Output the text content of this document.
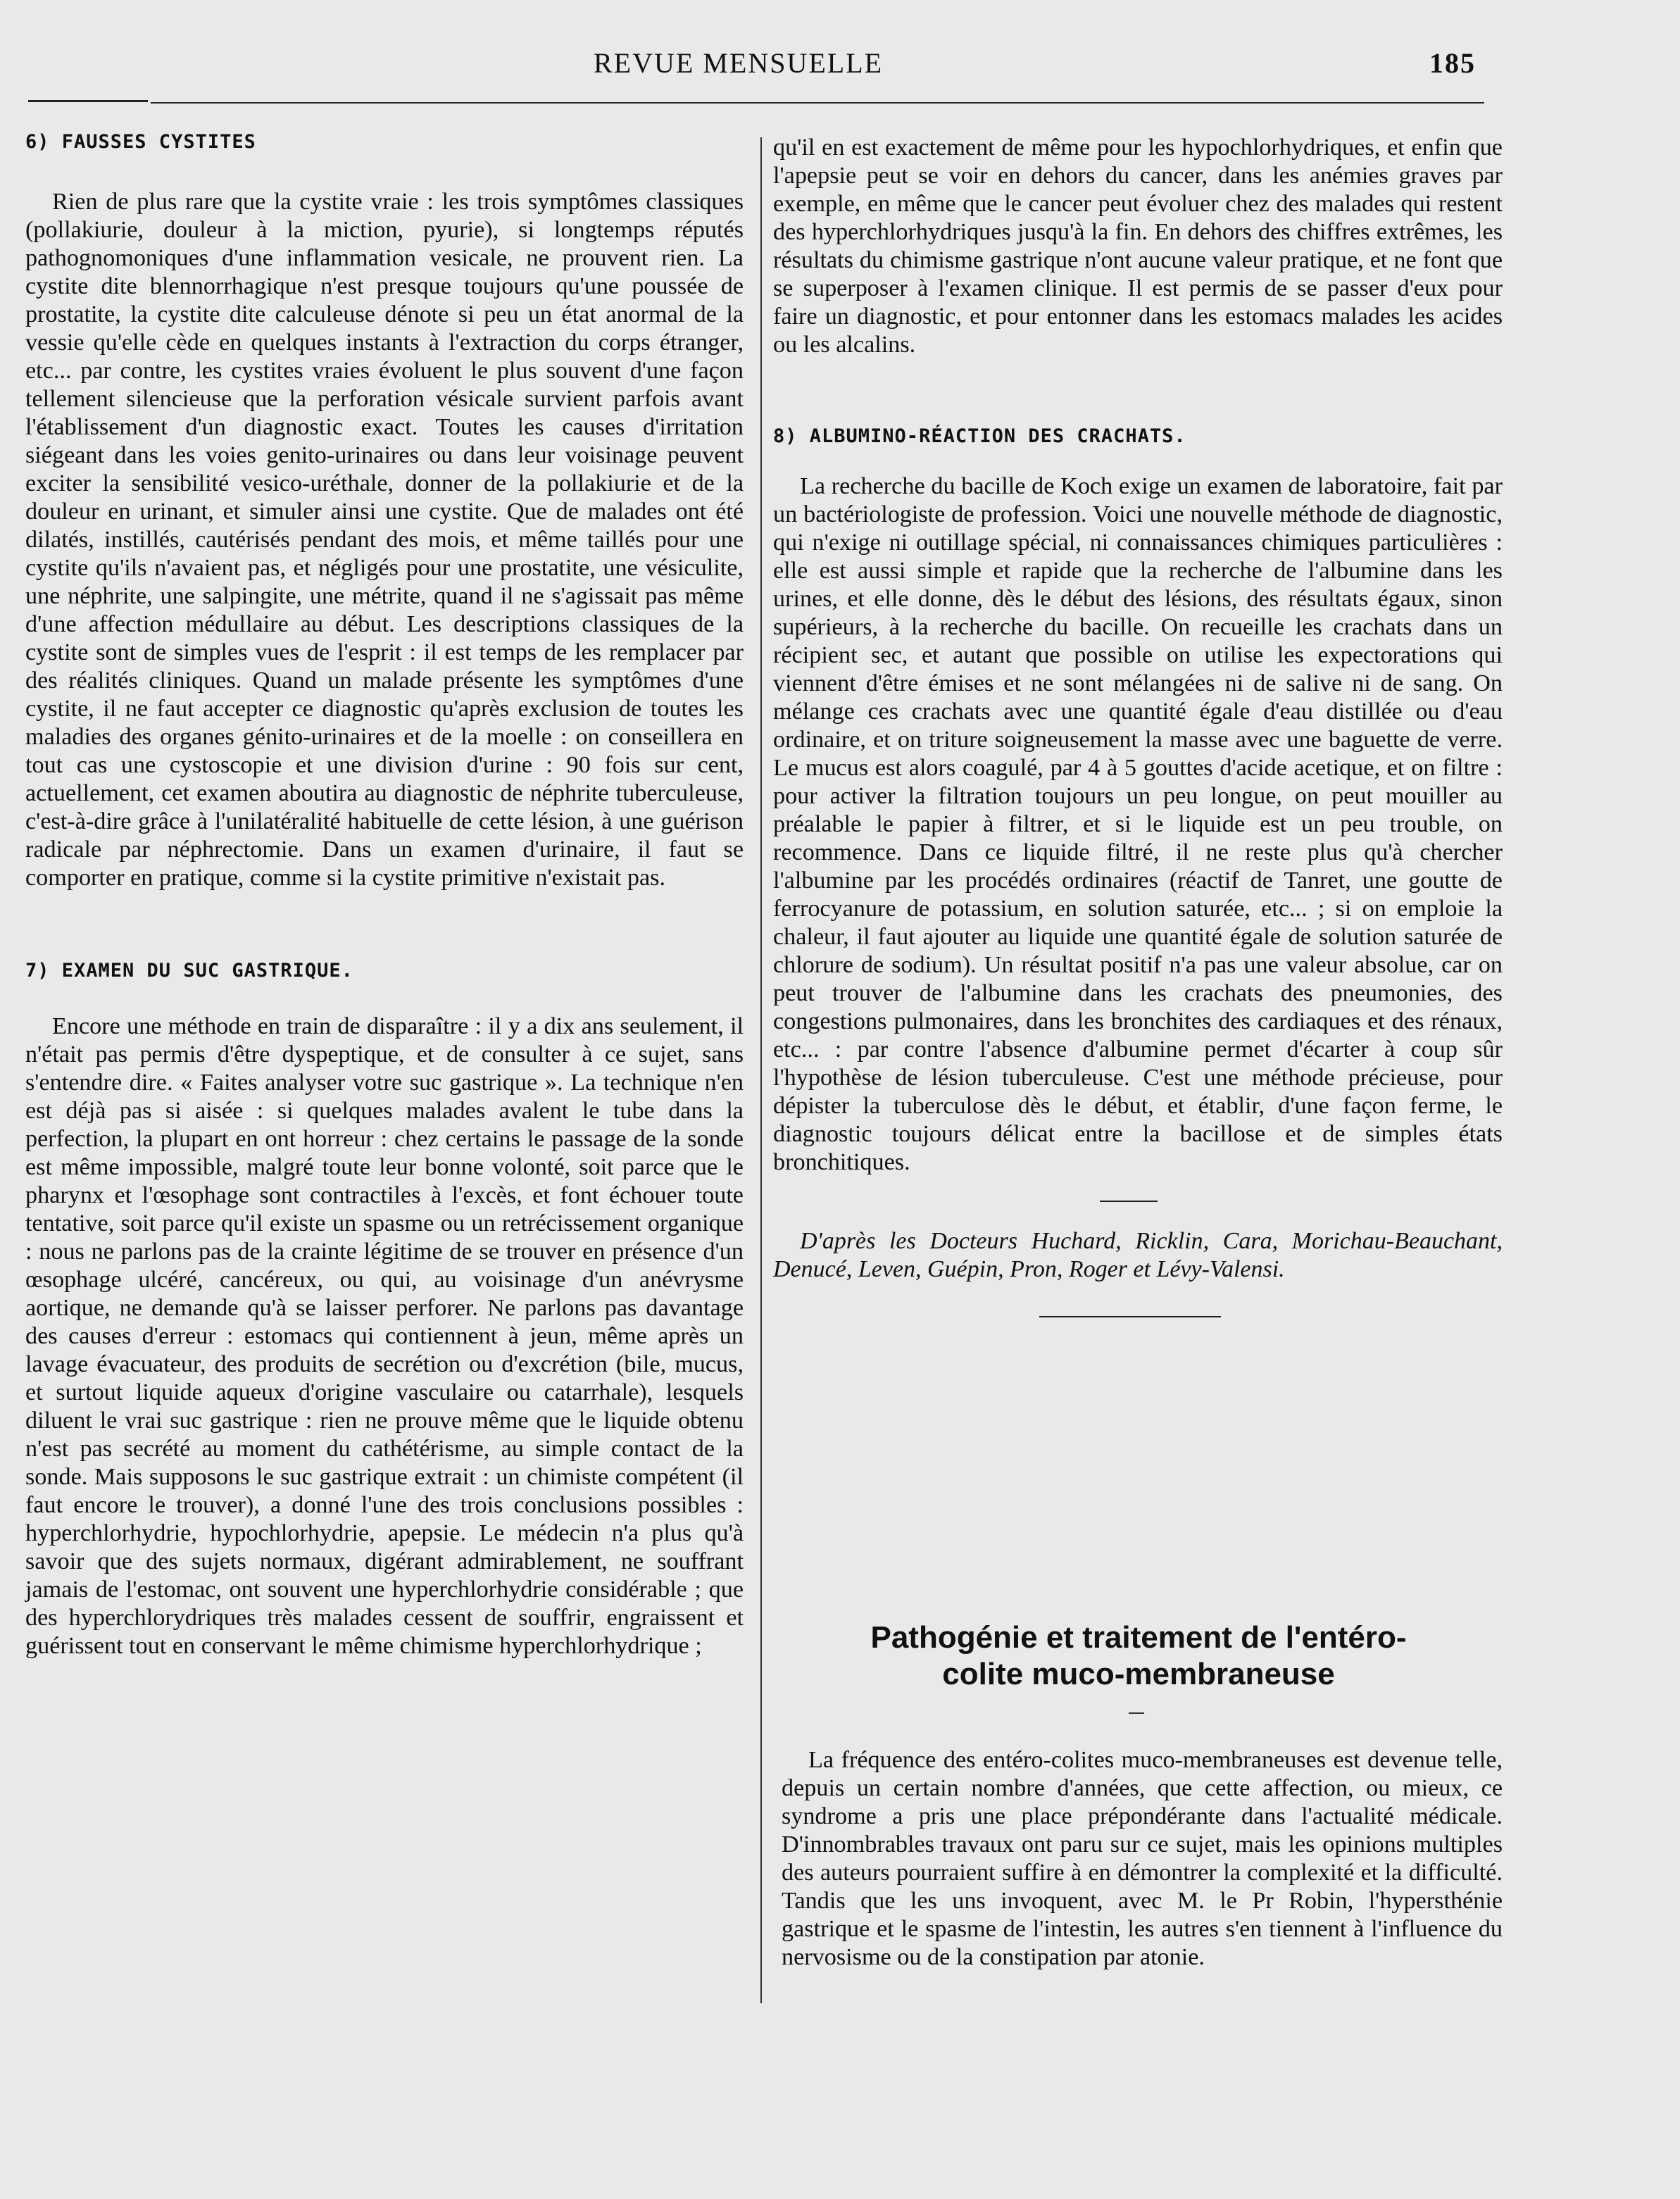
REVUE MENSUELLE	185
6) FAUSSES CYSTITES

Rien de plus rare que la cystite vraie : les trois symptômes classiques (pollakiurie, douleur à la miction, pyurie), si longtemps réputés pathognomoniques d'une inflammation vesicale, ne prouvent rien. La cystite dite blennorrhagique n'est presque toujours qu'une poussée de prostatite, la cystite dite calculeuse dénote si peu un état anormal de la vessie qu'elle cède en quelques instants à l'extraction du corps étranger, etc... par contre, les cystites vraies évoluent le plus souvent d'une façon tellement silencieuse que la perforation vésicale survient parfois avant l'établissement d'un diagnostic exact. Toutes les causes d'irritation siégeant dans les voies genito-urinaires ou dans leur voisinage peuvent exciter la sensibilité vesico-uréthale, donner de la pollakiurie et de la douleur en urinant, et simuler ainsi une cystite. Que de malades ont été dilatés, instillés, cautérisés pendant des mois, et même taillés pour une cystite qu'ils n'avaient pas, et négligés pour une prostatite, une vésiculite, une néphrite, une salpingite, une métrite, quand il ne s'agissait pas même d'une affection médullaire au début. Les descriptions classiques de la cystite sont de simples vues de l'esprit : il est temps de les remplacer par des réalités cliniques. Quand un malade présente les symptômes d'une cystite, il ne faut accepter ce diagnostic qu'après exclusion de toutes les maladies des organes génito-urinaires et de la moelle : on conseillera en tout cas une cystoscopie et une division d'urine : 90 fois sur cent, actuellement, cet examen aboutira au diagnostic de néphrite tuberculeuse, c'est-à-dire grâce à l'unilatéralité habituelle de cette lésion, à une guérison radicale par néphrectomie. Dans un examen d'urinaire, il faut se comporter en pratique, comme si la cystite primitive n'existait pas.

7) EXAMEN DU SUC GASTRIQUE.

Encore une méthode en train de disparaître : il y a dix ans seulement, il n'était pas permis d'être dyspeptique, et de consulter à ce sujet, sans s'entendre dire. « Faites analyser votre suc gastrique ». La technique n'en est déjà pas si aisée : si quelques malades avalent le tube dans la perfection, la plupart en ont horreur : chez certains le passage de la sonde est même impossible, malgré toute leur bonne volonté, soit parce que le pharynx et l'œsophage sont contractiles à l'excès, et font échouer toute tentative, soit parce qu'il existe un spasme ou un retrécissement organique : nous ne parlons pas de la crainte légitime de se trouver en présence d'un œsophage ulcéré, cancéreux, ou qui, au voisinage d'un anévrysme aortique, ne demande qu'à se laisser perforer. Ne parlons pas davantage des causes d'erreur : estomacs qui contiennent à jeun, même après un lavage évacuateur, des produits de secrétion ou d'excrétion (bile, mucus, et surtout liquide aqueux d'origine vasculaire ou catarrhale), lesquels diluent le vrai suc gastrique : rien ne prouve même que le liquide obtenu n'est pas secrété au moment du cathétérisme, au simple contact de la sonde. Mais supposons le suc gastrique extrait : un chimiste compétent (il faut encore le trouver), a donné l'une des trois conclusions possibles : hyperchlorhydrie, hypochlorhydrie, apepsie. Le médecin n'a plus qu'à savoir que des sujets normaux, digérant admirablement, ne souffrant jamais de l'estomac, ont souvent une hyperchlorhydrie considérable ; que des hyperchlorydriques très malades cessent de souffrir, engraissent et guérissent tout en conservant le même chimisme hyperchlorhydrique ;

qu'il en est exactement de même pour les hypochlorhydriques, et enfin que l'apepsie peut se voir en dehors du cancer, dans les anémies graves par exemple, en même que le cancer peut évoluer chez des malades qui restent des hyperchlorhydriques jusqu'à la fin. En dehors des chiffres extrêmes, les résultats du chimisme gastrique n'ont aucune valeur pratique, et ne font que se superposer à l'examen clinique. Il est permis de se passer d'eux pour faire un diagnostic, et pour entonner dans les estomacs malades les acides ou les alcalins.

8) ALBUMINO-RÉACTION DES CRACHATS.

La recherche du bacille de Koch exige un examen de laboratoire, fait par un bactériologiste de profession. Voici une nouvelle méthode de diagnostic, qui n'exige ni outillage spécial, ni connaissances chimiques particulières : elle est aussi simple et rapide que la recherche de l'albumine dans les urines, et elle donne, dès le début des lésions, des résultats égaux, sinon supérieurs, à la recherche du bacille. On recueille les crachats dans un récipient sec, et autant que possible on utilise les expectorations qui viennent d'être émises et ne sont mélangées ni de salive ni de sang. On mélange ces crachats avec une quantité égale d'eau distillée ou d'eau ordinaire, et on triture soigneusement la masse avec une baguette de verre. Le mucus est alors coagulé, par 4 à 5 gouttes d'acide acetique, et on filtre : pour activer la filtration toujours un peu longue, on peut mouiller au préalable le papier à filtrer, et si le liquide est un peu trouble, on recommence. Dans ce liquide filtré, il ne reste plus qu'à chercher l'albumine par les procédés ordinaires (réactif de Tanret, une goutte de ferrocyanure de potassium, en solution saturée, etc... ; si on emploie la chaleur, il faut ajouter au liquide une quantité égale de solution saturée de chlorure de sodium). Un résultat positif n'a pas une valeur absolue, car on peut trouver de l'albumine dans les crachats des pneumonies, des congestions pulmonaires, dans les bronchites des cardiaques et des rénaux, etc... : par contre l'absence d'albumine permet d'écarter à coup sûr l'hypothèse de lésion tuberculeuse. C'est une méthode précieuse, pour dépister la tuberculose dès le début, et établir, d'une façon ferme, le diagnostic toujours délicat entre la bacillose et de simples états bronchitiques.

D'après les Docteurs Huchard, Ricklin, Cara, Morichau-Beauchant, Denucé, Leven, Guépin, Pron, Roger et Lévy-Valensi.

Pathogénie et traitement de l'entéro-
colite muco-membraneuse

La fréquence des entéro-colites muco-membraneuses est devenue telle, depuis un certain nombre d'années, que cette affection, ou mieux, ce syndrome a pris une place prépondérante dans l'actualité médicale. D'innombrables travaux ont paru sur ce sujet, mais les opinions multiples des auteurs pourraient suffire à en démontrer la complexité et la difficulté. Tandis que les uns invoquent, avec M. le Pr Robin, l'hypersthénie gastrique et le spasme de l'intestin, les autres s'en tiennent à l'influence du nervosisme ou de la constipation par atonie.
